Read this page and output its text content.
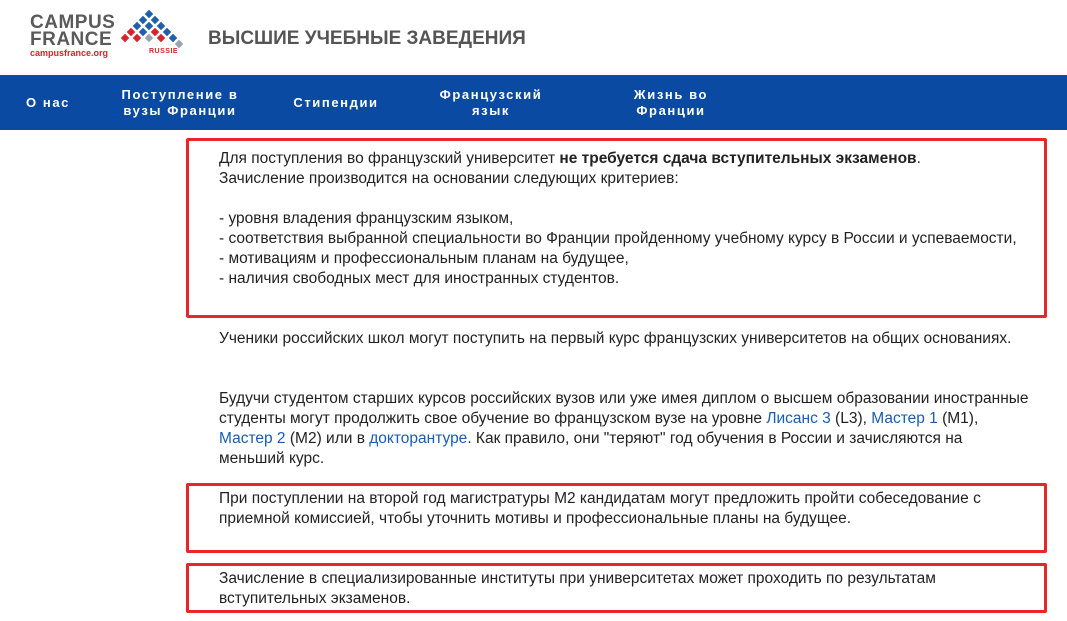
CAMPUS
FRANCE
campusfrance.org	RUSSIE
ВЫСШИЕ УЧЕБНЫЕ ЗАВЕДЕНИЯ
О нас
Поступление в
вузы Франции
Стипендии
Французский
язык
Жизнь во
Франции
Для поступления во французский университет не требуется сдача вступительных экзаменов.
Зачисление производится на основании следующих критериев:

- уровня владения французским языком,
- соответствия выбранной специальности во Франции пройденному учебному курсу в России и успеваемости,
- мотивациям и профессиональным планам на будущее,
- наличия свободных мест для иностранных студентов.
Ученики российских школ могут поступить на первый курс французских университетов на общих основаниях.
Будучи студентом старших курсов российских вузов или уже имея диплом о высшем образовании иностранные студенты могут продолжить свое обучение во французском вузе на уровне Лисанс 3 (L3), Мастер 1 (M1), Мастер 2 (M2) или в докторантуре. Как правило, они "теряют" год обучения в России и зачисляются на меньший курс.
При поступлении на второй год магистратуры M2 кандидатам могут предложить пройти собеседование с приемной комиссией, чтобы уточнить мотивы и профессиональные планы на будущее.
Зачисление в специализированные институты при университетах может проходить по результатам вступительных экзаменов.
